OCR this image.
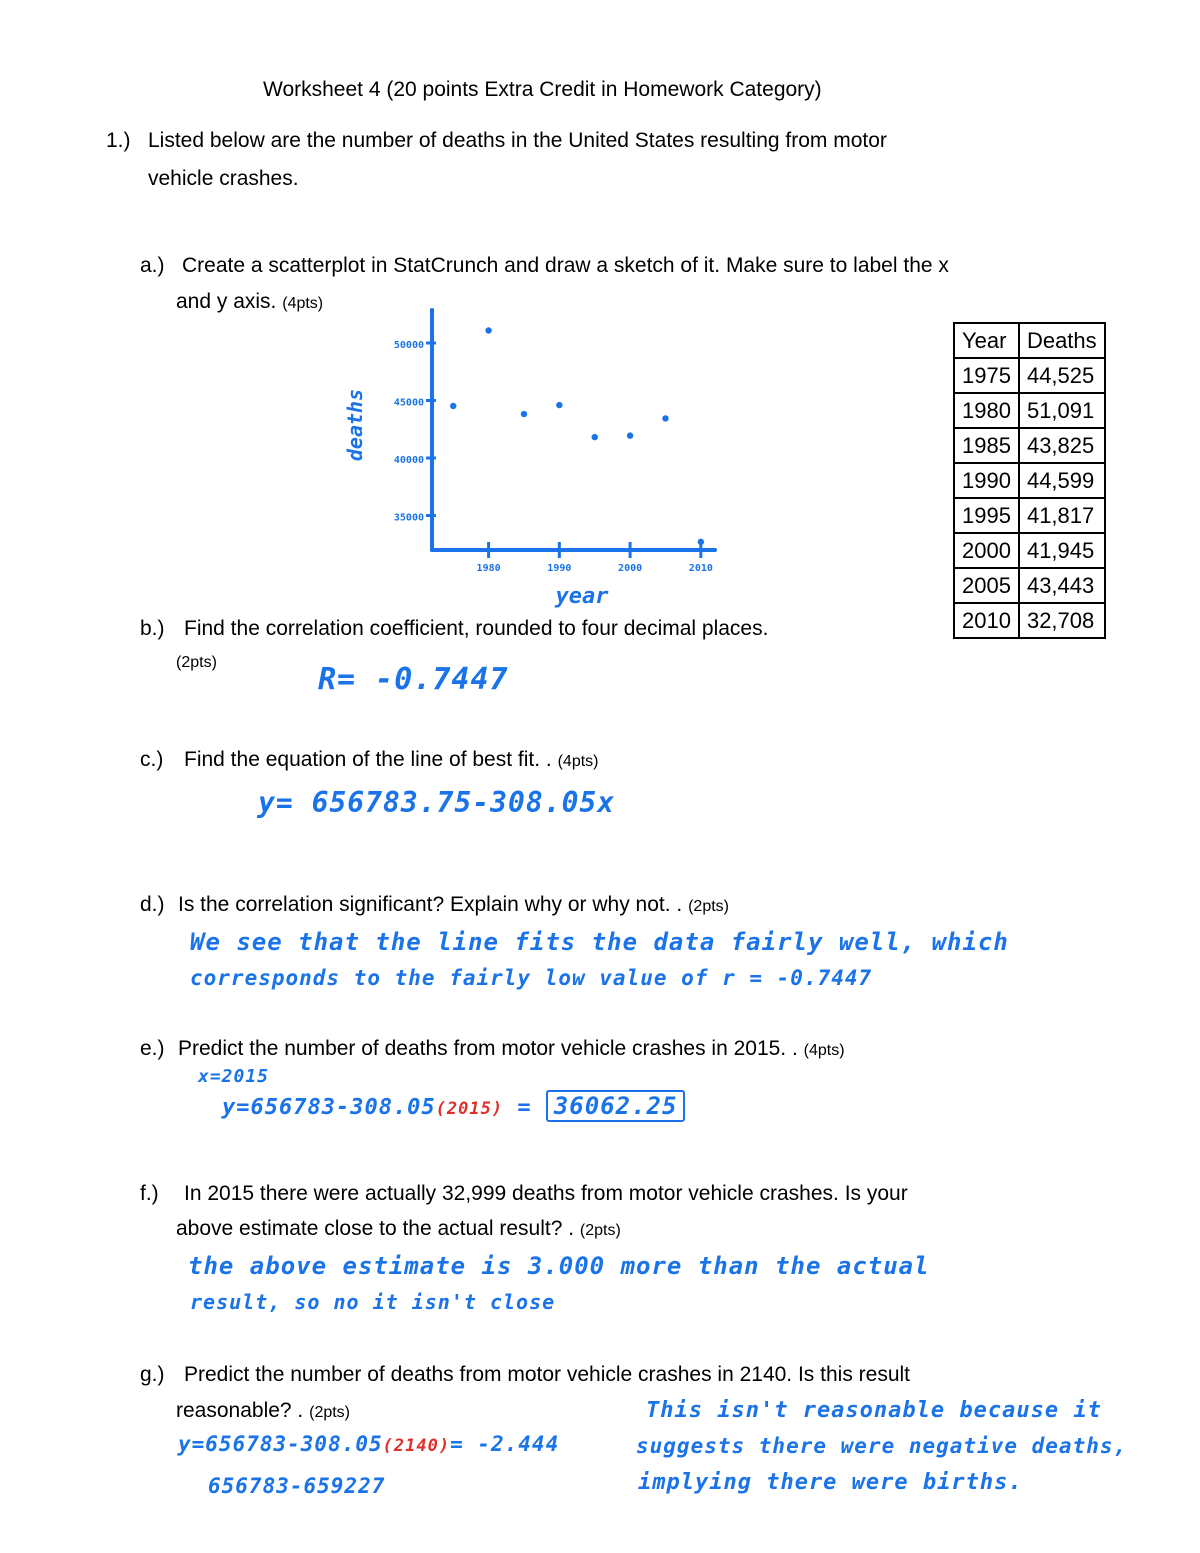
Worksheet 4 (20 points Extra Credit in Homework Category)
1.) Listed below are the number of deaths in the United States resulting from motor
vehicle crashes.
a.) Create a scatterplot in StatCrunch and draw a sketch of it. Make sure to label the x
and y axis. (4pts)
35000
40000
45000
50000
1980	1990	2000	2010
year
deaths
Year	Deaths
1975	44,525
1980	51,091
1985	43,825
1990	44,599
1995	41,817
2000	41,945
2005	43,443
2010	32,708
b.) Find the correlation coefficient, rounded to four decimal places.
(2pts)	R= -0.7447
c.) Find the equation of the line of best fit. . (4pts)
y= 656783.75-308.05x
d.) Is the correlation significant? Explain why or why not. . (2pts)
We see that the line fits the data fairly well, which
corresponds to the fairly low value of r = -0.7447
e.) Predict the number of deaths from motor vehicle crashes in 2015. . (4pts)
x=2015
y=656783-308.05(2015) = 36062.25
f.) In 2015 there were actually 32,999 deaths from motor vehicle crashes. Is your
above estimate close to the actual result? . (2pts)
the above estimate is 3.000 more than the actual
result, so no it isn't close
g.) Predict the number of deaths from motor vehicle crashes in 2140. Is this result
reasonable? . (2pts)
y=656783-308.05(2140)= -2.444
656783-659227
This isn't reasonable because it
suggests there were negative deaths,
implying there were births.
